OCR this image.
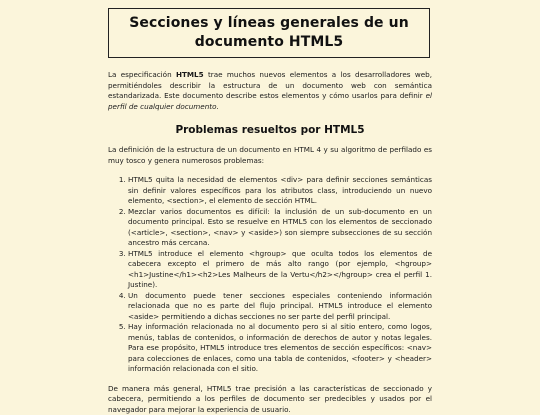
Secciones y líneas generales de un documento HTML5

La especificación HTML5 trae muchos nuevos elementos a los desarrolladores web, permitiéndoles describir la estructura de un documento web con semántica estandarizada. Este documento describe estos elementos y cómo usarlos para definir el perfil de cualquier documento.

Problemas resueltos por HTML5

La definición de la estructura de un documento en HTML 4 y su algoritmo de perfilado es muy tosco y genera numerosos problemas:

1. HTML5 quita la necesidad de elementos <div> para definir secciones semánticas sin definir valores específicos para los atributos class, introduciendo un nuevo elemento, <section>, el elemento de sección HTML.
2. Mezclar varios documentos es difícil: la inclusión de un sub-documento en un documento principal. Esto se resuelve en HTML5 con los elementos de seccionado (<article>, <section>, <nav> y <aside>) son siempre subsecciones de su sección ancestro más cercana.
3. HTML5 introduce el elemento <hgroup> que oculta todos los elementos de cabecera excepto el primero de más alto rango (por ejemplo, <hgroup><h1>Justine</h1><h2>Les Malheurs de la Vertu</h2></hgroup> crea el perfil 1. Justine).
4. Un documento puede tener secciones especiales conteniendo información relacionada que no es parte del flujo principal. HTML5 introduce el elemento <aside> permitiendo a dichas secciones no ser parte del perfil principal.
5. Hay información relacionada no al documento pero si al sitio entero, como logos, menús, tablas de contenidos, o información de derechos de autor y notas legales. Para ese propósito, HTML5 introduce tres elementos de sección específicos: <nav> para colecciones de enlaces, como una tabla de contenidos, <footer> y <header> información relacionada con el sitio.

De manera más general, HTML5 trae precisión a las características de seccionado y cabecera, permitiendo a los perfiles de documento ser predecibles y usados por el navegador para mejorar la experiencia de usuario.
